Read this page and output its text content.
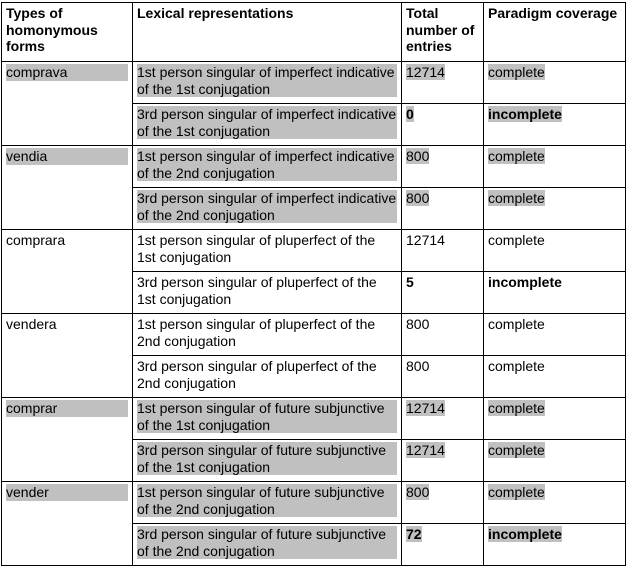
Types of homonymous forms	Lexical representations	Total number of entries	Paradigm coverage

comprava	1st person singular of imperfect indicative of the 1st conjugation	12714	complete

	3rd person singular of imperfect indicative of the 1st conjugation	0	incomplete

vendia	1st person singular of imperfect indicative of the 2nd conjugation	800	complete

	3rd person singular of imperfect indicative of the 2nd conjugation	800	complete
comprara	1st person singular of pluperfect of the 1st conjugation	12714	complete
	3rd person singular of pluperfect of the 1st conjugation	5	incomplete
vendera	1st person singular of pluperfect of the 2nd conjugation	800	complete
	3rd person singular of pluperfect of the 2nd conjugation	800	complete

comprar	1st person singular of future subjunctive of the 1st conjugation	12714	complete

	3rd person singular of future subjunctive of the 1st conjugation	12714	complete

vender	1st person singular of future subjunctive of the 2nd conjugation	800	complete

	3rd person singular of future subjunctive of the 2nd conjugation	72	incomplete
